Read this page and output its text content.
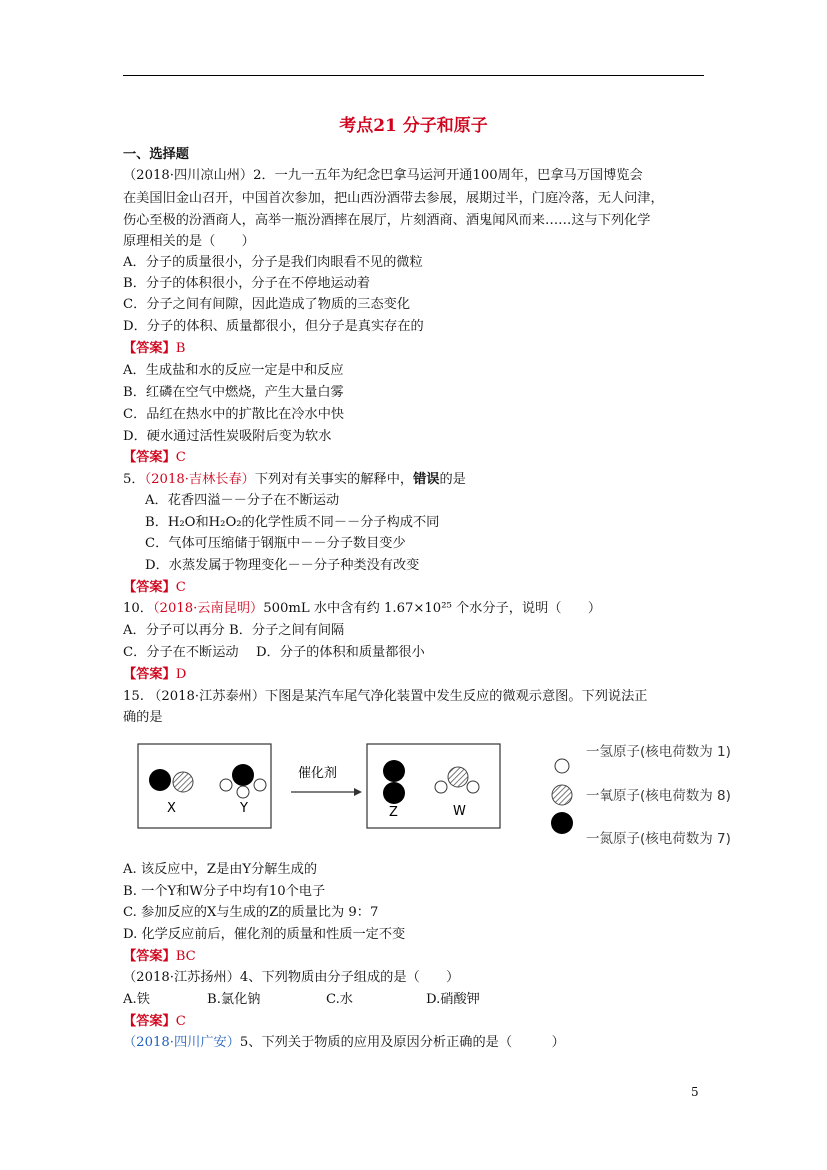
考点21 分子和原子
一、选择题
（2018·四川凉山州）2．一九一五年为纪念巴拿马运河开通100周年，巴拿马万国博览会
在美国旧金山召开，中国首次参加，把山西汾酒带去参展，展期过半，门庭冷落，无人问津，
伤心至极的汾酒商人，高举一瓶汾酒摔在展厅，片刻酒商、酒鬼闻风而来……这与下列化学
原理相关的是（　　）
A．分子的质量很小，分子是我们肉眼看不见的微粒
B．分子的体积很小，分子在不停地运动着
C．分子之间有间隙，因此造成了物质的三态变化
D．分子的体积、质量都很小，但分子是真实存在的
【答案】B
A．生成盐和水的反应一定是中和反应
B．红磷在空气中燃烧，产生大量白雾
C．品红在热水中的扩散比在冷水中快
D．硬水通过活性炭吸附后变为软水
【答案】C
5．（2018·吉林长春）下列对有关事实的解释中，错误的是
A．花香四溢－－分子在不断运动
B．H₂O和H₂O₂的化学性质不同－－分子构成不同
C．气体可压缩储于钢瓶中－－分子数目变少
D．水蒸发属于物理变化－－分子种类没有改变
【答案】C
10．（2018·云南昆明）500mL 水中含有约 1.67×10²⁵ 个水分子，说明（　　）
A．分子可以再分 B．分子之间有间隔
C．分子在不断运动　 D．分子的体积和质量都很小
【答案】D
15. （2018·江苏泰州）下图是某汽车尾气净化装置中发生反应的微观示意图。下列说法正
确的是
X	Y
催化剂
Z	W
一氢原子(核电荷数为 1)
一氧原子(核电荷数为 8)
一氮原子(核电荷数为 7)
A. 该反应中，Z是由Y分解生成的
B. 一个Y和W分子中均有10个电子
C. 参加反应的X与生成的Z的质量比为 9：7
D. 化学反应前后，催化剂的质量和性质一定不变
【答案】BC
（2018·江苏扬州）4、下列物质由分子组成的是（　　）
A.铁	B.氯化钠	C.水	D.硝酸钾
【答案】C
（2018·四川广安）5、下列关于物质的应用及原因分析正确的是（　　　）
5
